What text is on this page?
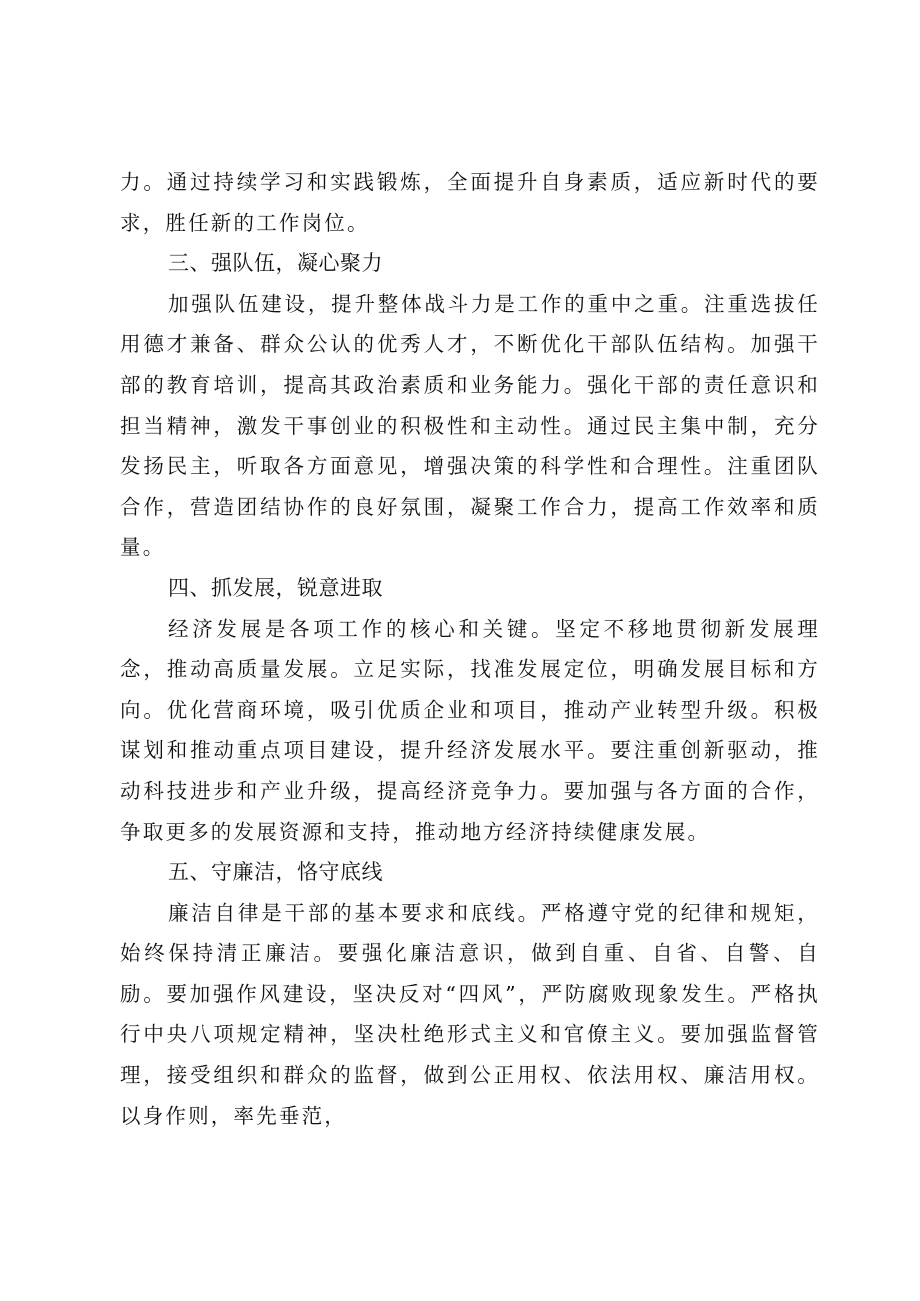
力。通过持续学习和实践锻炼，全面提升自身素质，适应新时代的要求，胜任新的工作岗位。

三、强队伍，凝心聚力

加强队伍建设，提升整体战斗力是工作的重中之重。注重选拔任用德才兼备、群众公认的优秀人才，不断优化干部队伍结构。加强干部的教育培训，提高其政治素质和业务能力。强化干部的责任意识和担当精神，激发干事创业的积极性和主动性。通过民主集中制，充分发扬民主，听取各方面意见，增强决策的科学性和合理性。注重团队合作，营造团结协作的良好氛围，凝聚工作合力，提高工作效率和质量。

四、抓发展，锐意进取

经济发展是各项工作的核心和关键。坚定不移地贯彻新发展理念，推动高质量发展。立足实际，找准发展定位，明确发展目标和方向。优化营商环境，吸引优质企业和项目，推动产业转型升级。积极谋划和推动重点项目建设，提升经济发展水平。要注重创新驱动，推动科技进步和产业升级，提高经济竞争力。要加强与各方面的合作，争取更多的发展资源和支持，推动地方经济持续健康发展。

五、守廉洁，恪守底线

廉洁自律是干部的基本要求和底线。严格遵守党的纪律和规矩，始终保持清正廉洁。要强化廉洁意识，做到自重、自省、自警、自励。要加强作风建设，坚决反对“四风”，严防腐败现象发生。严格执行中央八项规定精神，坚决杜绝形式主义和官僚主义。要加强监督管理，接受组织和群众的监督，做到公正用权、依法用权、廉洁用权。以身作则，率先垂范，
